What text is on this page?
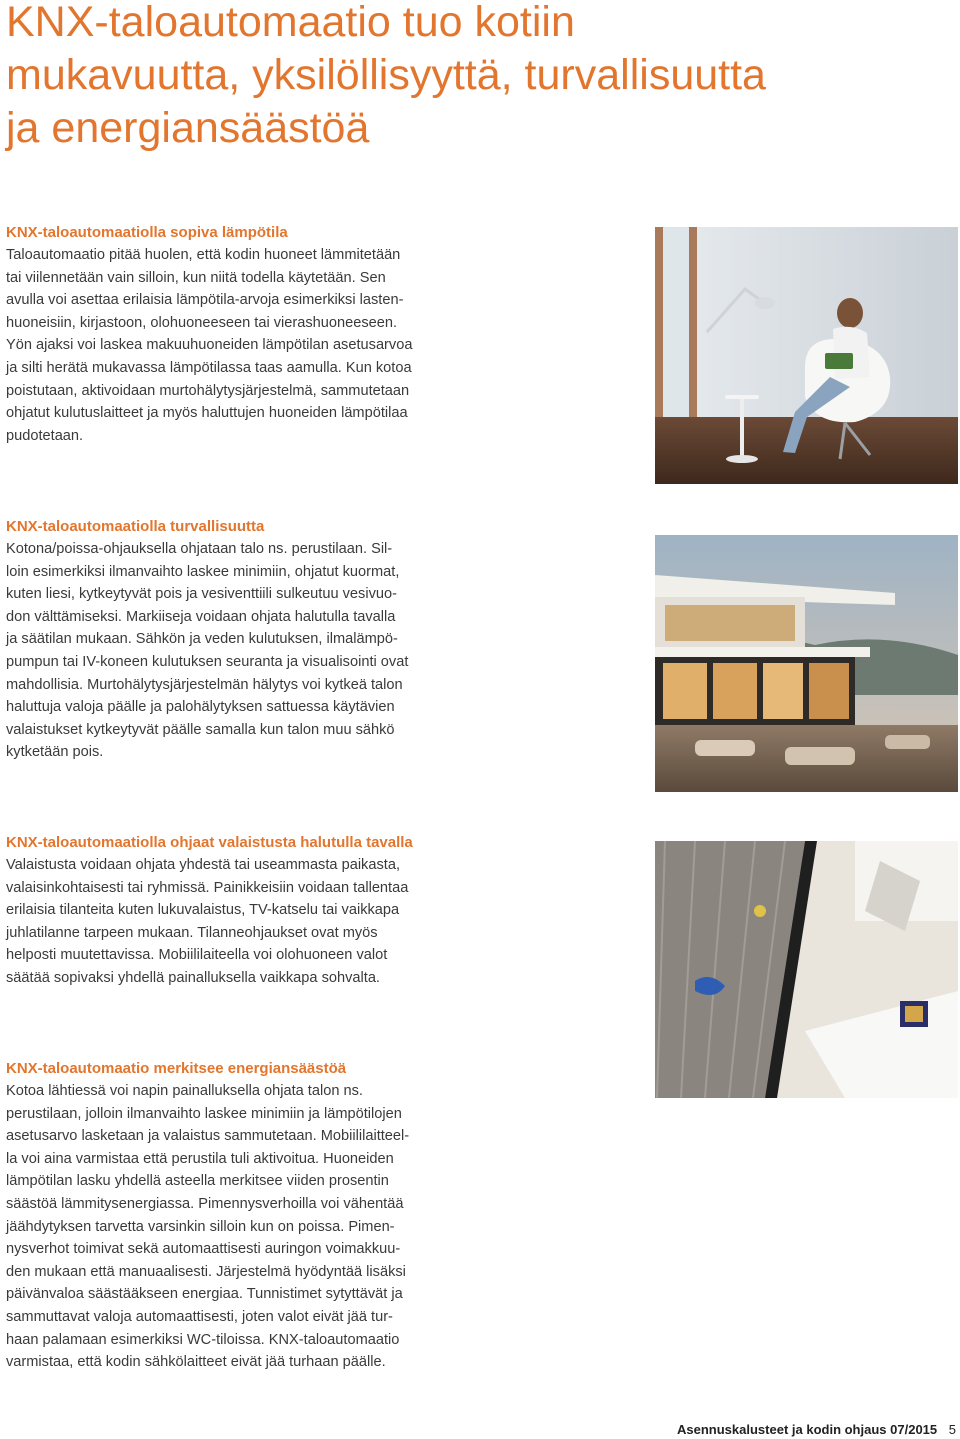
KNX-taloautomaatio tuo kotiin
mukavuutta, yksilöllisyyttä, turvallisuutta
ja energiansäästöä
KNX-taloautomaatiolla sopiva lämpötila
Taloautomaatio pitää huolen, että kodin huoneet lämmitetään
tai viilennetään vain silloin, kun niitä todella käytetään. Sen
avulla voi asettaa erilaisia lämpötila-arvoja esimerkiksi lasten-
huoneisiin, kirjastoon, olohuoneeseen tai vierashuoneeseen.
Yön ajaksi voi laskea makuuhuoneiden lämpötilan asetusarvoa
ja silti herätä mukavassa lämpötilassa taas aamulla. Kun kotoa
poistutaan, aktivoidaan murtohälytysjärjestelmä, sammutetaan
ohjatut kulutuslaitteet ja myös haluttujen huoneiden lämpötilaa
pudotetaan.
KNX-taloautomaatiolla turvallisuutta
Kotona/poissa-ohjauksella ohjataan talo ns. perustilaan. Sil-
loin esimerkiksi ilmanvaihto laskee minimiin, ohjatut kuormat,
kuten liesi, kytkeytyvät pois ja vesiventtiili sulkeutuu vesivuo-
don välttämiseksi. Markiiseja voidaan ohjata halutulla tavalla
ja säätilan mukaan. Sähkön ja veden kulutuksen, ilmalämpö-
pumpun tai IV-koneen kulutuksen seuranta ja visualisointi ovat
mahdollisia. Murtohälytysjärjestelmän hälytys voi kytkeä talon
haluttuja valoja päälle ja palohälytyksen sattuessa käytävien
valaistukset kytkeytyvät päälle samalla kun talon muu sähkö
kytketään pois.
KNX-taloautomaatiolla ohjaat valaistusta halutulla tavalla
Valaistusta voidaan ohjata yhdestä tai useammasta paikasta,
valaisinkohtaisesti tai ryhmissä. Painikkeisiin voidaan tallentaa
erilaisia tilanteita kuten lukuvalaistus, TV-katselu tai vaikkapa
juhlatilanne tarpeen mukaan. Tilanneohjaukset ovat myös
helposti muutettavissa. Mobiililaiteella voi olohuoneen valot
säätää sopivaksi yhdellä painalluksella vaikkapa sohvalta.
KNX-taloautomaatio merkitsee energiansäästöä
Kotoa lähtiessä voi napin painalluksella ohjata talon ns.
perustilaan, jolloin ilmanvaihto laskee minimiin ja lämpötilojen
asetusarvo lasketaan ja valaistus sammutetaan. Mobiililaitteel-
la voi aina varmistaa että perustila tuli aktivoitua. Huoneiden
lämpötilan lasku yhdellä asteella merkitsee viiden prosentin
säästöä lämmitysenergiassa. Pimennysverhoilla voi vähentää
jäähdytyksen tarvetta varsinkin silloin kun on poissa. Pimen-
nysverhot toimivat sekä automaattisesti auringon voimakkuu-
den mukaan että manuaalisesti. Järjestelmä hyödyntää lisäksi
päivänvaloa säästääkseen energiaa. Tunnistimet sytyttävät ja
sammuttavat valoja automaattisesti, joten valot eivät jää tur-
haan palamaan esimerkiksi WC-tiloissa. KNX-taloautomaatio
varmistaa, että kodin sähkölaitteet eivät jää turhaan päälle.
Asennuskalusteet ja kodin ohjaus 07/2015 5
